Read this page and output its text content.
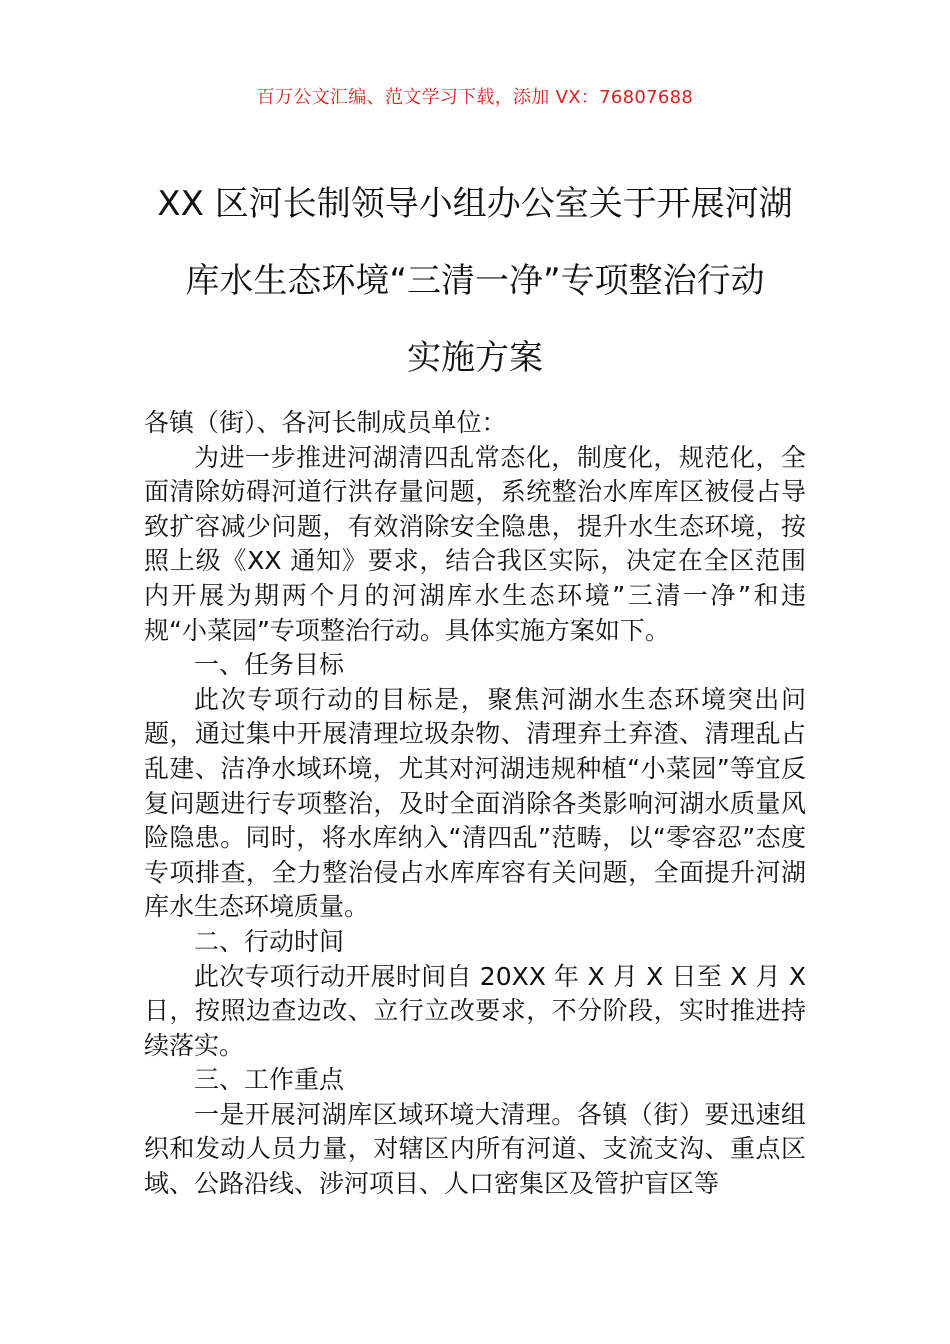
百万公文汇编、范文学习下载，添加 VX：76807688
XX 区河长制领导小组办公室关于开展河湖
库水生态环境“三清一净”专项整治行动
实施方案

各镇（街）、各河长制成员单位：

为进一步推进河湖清四乱常态化，制度化，规范化，全面清除妨碍河道行洪存量问题，系统整治水库库区被侵占导致扩容减少问题，有效消除安全隐患，提升水生态环境，按照上级《XX 通知》要求，结合我区实际，决定在全区范围内开展为期两个月的河湖库水生态环境”三清一净”和违规“小菜园”专项整治行动。具体实施方案如下。

一、任务目标

此次专项行动的目标是，聚焦河湖水生态环境突出问题，通过集中开展清理垃圾杂物、清理弃土弃渣、清理乱占乱建、洁净水域环境，尤其对河湖违规种植“小菜园”等宜反复问题进行专项整治，及时全面消除各类影响河湖水质量风险隐患。同时，将水库纳入“清四乱”范畴，以“零容忍”态度专项排查，全力整治侵占水库库容有关问题，全面提升河湖库水生态环境质量。

二、行动时间

此次专项行动开展时间自 20XX 年 X 月 X 日至 X 月 X 日，按照边查边改、立行立改要求，不分阶段，实时推进持续落实。

三、工作重点

一是开展河湖库区域环境大清理。各镇（街）要迅速组织和发动人员力量，对辖区内所有河道、支流支沟、重点区域、公路沿线、涉河项目、人口密集区及管护盲区等
